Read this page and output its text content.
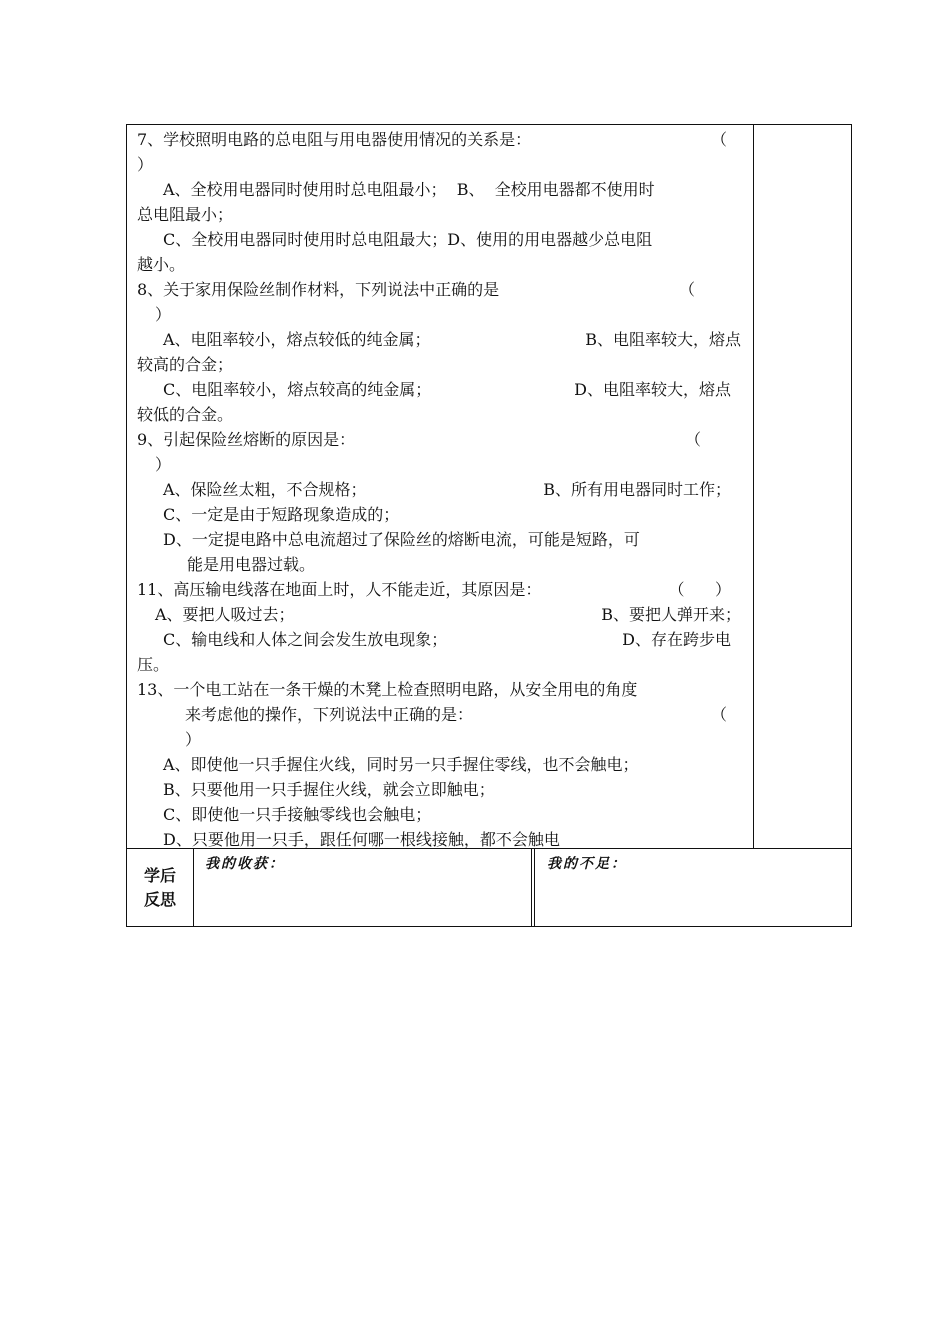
7、学校照明电路的总电阻与用电器使用情况的关系是：	（
）
A、全校用电器同时使用时总电阻最小；  B、  全校用电器都不使用时
总电阻最小；
C、全校用电器同时使用时总电阻最大；D、使用的用电器越少总电阻
越小。
8、关于家用保险丝制作材料，下列说法中正确的是	（
）
A、电阻率较小，熔点较低的纯金属；	B、电阻率较大，熔点
较高的合金；
C、电阻率较小，熔点较高的纯金属；	D、电阻率较大，熔点
较低的合金。
9、引起保险丝熔断的原因是：	（
）
A、保险丝太粗，不合规格；	B、所有用电器同时工作；
C、一定是由于短路现象造成的；
D、一定提电路中总电流超过了保险丝的熔断电流，可能是短路，可
能是用电器过载。
11、高压输电线落在地面上时，人不能走近，其原因是：	（      ）
A、要把人吸过去；	B、要把人弹开来；
C、输电线和人体之间会发生放电现象；	D、存在跨步电
压。
13、一个电工站在一条干燥的木凳上检查照明电路，从安全用电的角度
来考虑他的操作，下列说法中正确的是：	（
）
A、即使他一只手握住火线，同时另一只手握住零线，也不会触电；
B、只要他用一只手握住火线，就会立即触电；
C、即使他一只手接触零线也会触电；
D、只要他用一只手，跟任何哪一根线接触，都不会触电
学后
反思
我的收获：	我的不足：
